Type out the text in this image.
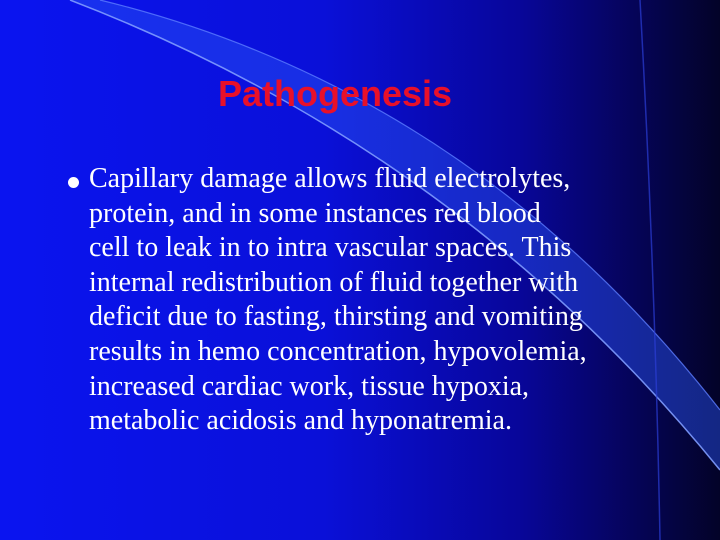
Pathogenesis

Capillary damage allows fluid electrolytes,
protein, and in some instances red blood
cell to leak in to intra vascular spaces. This
internal redistribution of fluid together with
deficit due to fasting, thirsting and vomiting
results in hemo concentration, hypovolemia,
increased cardiac work, tissue hypoxia,
metabolic acidosis and hyponatremia.
